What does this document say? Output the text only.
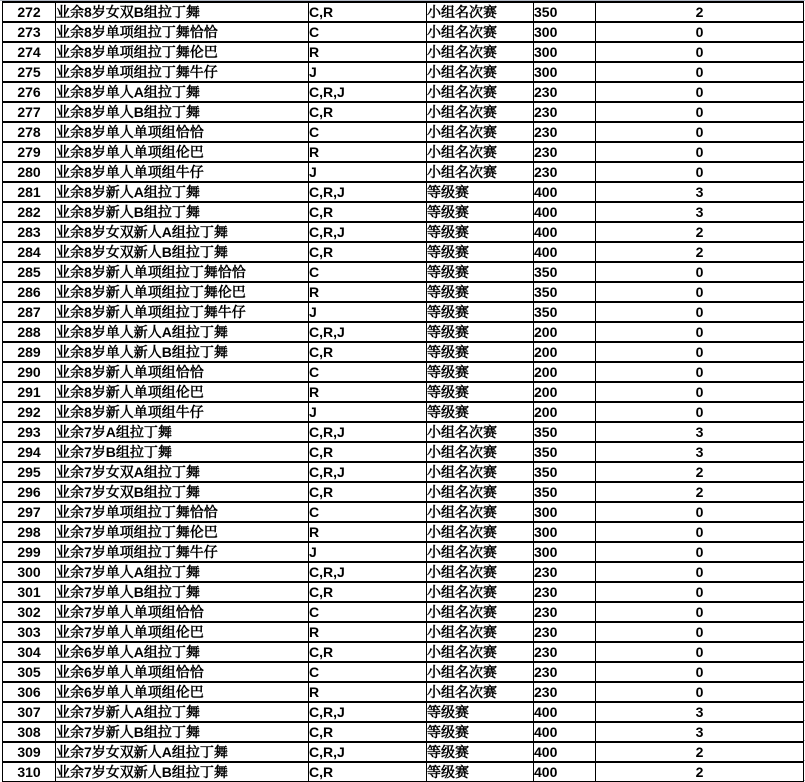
272	业余8岁女双B组拉丁舞	C,R	小组名次赛	350	2
273	业余8岁单项组拉丁舞恰恰	C	小组名次赛	300	0
274	业余8岁单项组拉丁舞伦巴	R	小组名次赛	300	0
275	业余8岁单项组拉丁舞牛仔	J	小组名次赛	300	0
276	业余8岁单人A组拉丁舞	C,R,J	小组名次赛	230	0
277	业余8岁单人B组拉丁舞	C,R	小组名次赛	230	0
278	业余8岁单人单项组恰恰	C	小组名次赛	230	0
279	业余8岁单人单项组伦巴	R	小组名次赛	230	0
280	业余8岁单人单项组牛仔	J	小组名次赛	230	0
281	业余8岁新人A组拉丁舞	C,R,J	等级赛	400	3
282	业余8岁新人B组拉丁舞	C,R	等级赛	400	3
283	业余8岁女双新人A组拉丁舞	C,R,J	等级赛	400	2
284	业余8岁女双新人B组拉丁舞	C,R	等级赛	400	2
285	业余8岁新人单项组拉丁舞恰恰	C	等级赛	350	0
286	业余8岁新人单项组拉丁舞伦巴	R	等级赛	350	0
287	业余8岁新人单项组拉丁舞牛仔	J	等级赛	350	0
288	业余8岁单人新人A组拉丁舞	C,R,J	等级赛	200	0
289	业余8岁单人新人B组拉丁舞	C,R	等级赛	200	0
290	业余8岁新人单项组恰恰	C	等级赛	200	0
291	业余8岁新人单项组伦巴	R	等级赛	200	0
292	业余8岁新人单项组牛仔	J	等级赛	200	0
293	业余7岁A组拉丁舞	C,R,J	小组名次赛	350	3
294	业余7岁B组拉丁舞	C,R	小组名次赛	350	3
295	业余7岁女双A组拉丁舞	C,R,J	小组名次赛	350	2
296	业余7岁女双B组拉丁舞	C,R	小组名次赛	350	2
297	业余7岁单项组拉丁舞恰恰	C	小组名次赛	300	0
298	业余7岁单项组拉丁舞伦巴	R	小组名次赛	300	0
299	业余7岁单项组拉丁舞牛仔	J	小组名次赛	300	0
300	业余7岁单人A组拉丁舞	C,R,J	小组名次赛	230	0
301	业余7岁单人B组拉丁舞	C,R	小组名次赛	230	0
302	业余7岁单人单项组恰恰	C	小组名次赛	230	0
303	业余7岁单人单项组伦巴	R	小组名次赛	230	0
304	业余6岁单人A组拉丁舞	C,R	小组名次赛	230	0
305	业余6岁单人单项组恰恰	C	小组名次赛	230	0
306	业余6岁单人单项组伦巴	R	小组名次赛	230	0
307	业余7岁新人A组拉丁舞	C,R,J	等级赛	400	3
308	业余7岁新人B组拉丁舞	C,R	等级赛	400	3
309	业余7岁女双新人A组拉丁舞	C,R,J	等级赛	400	2
310	业余7岁女双新人B组拉丁舞	C,R	等级赛	400	2
